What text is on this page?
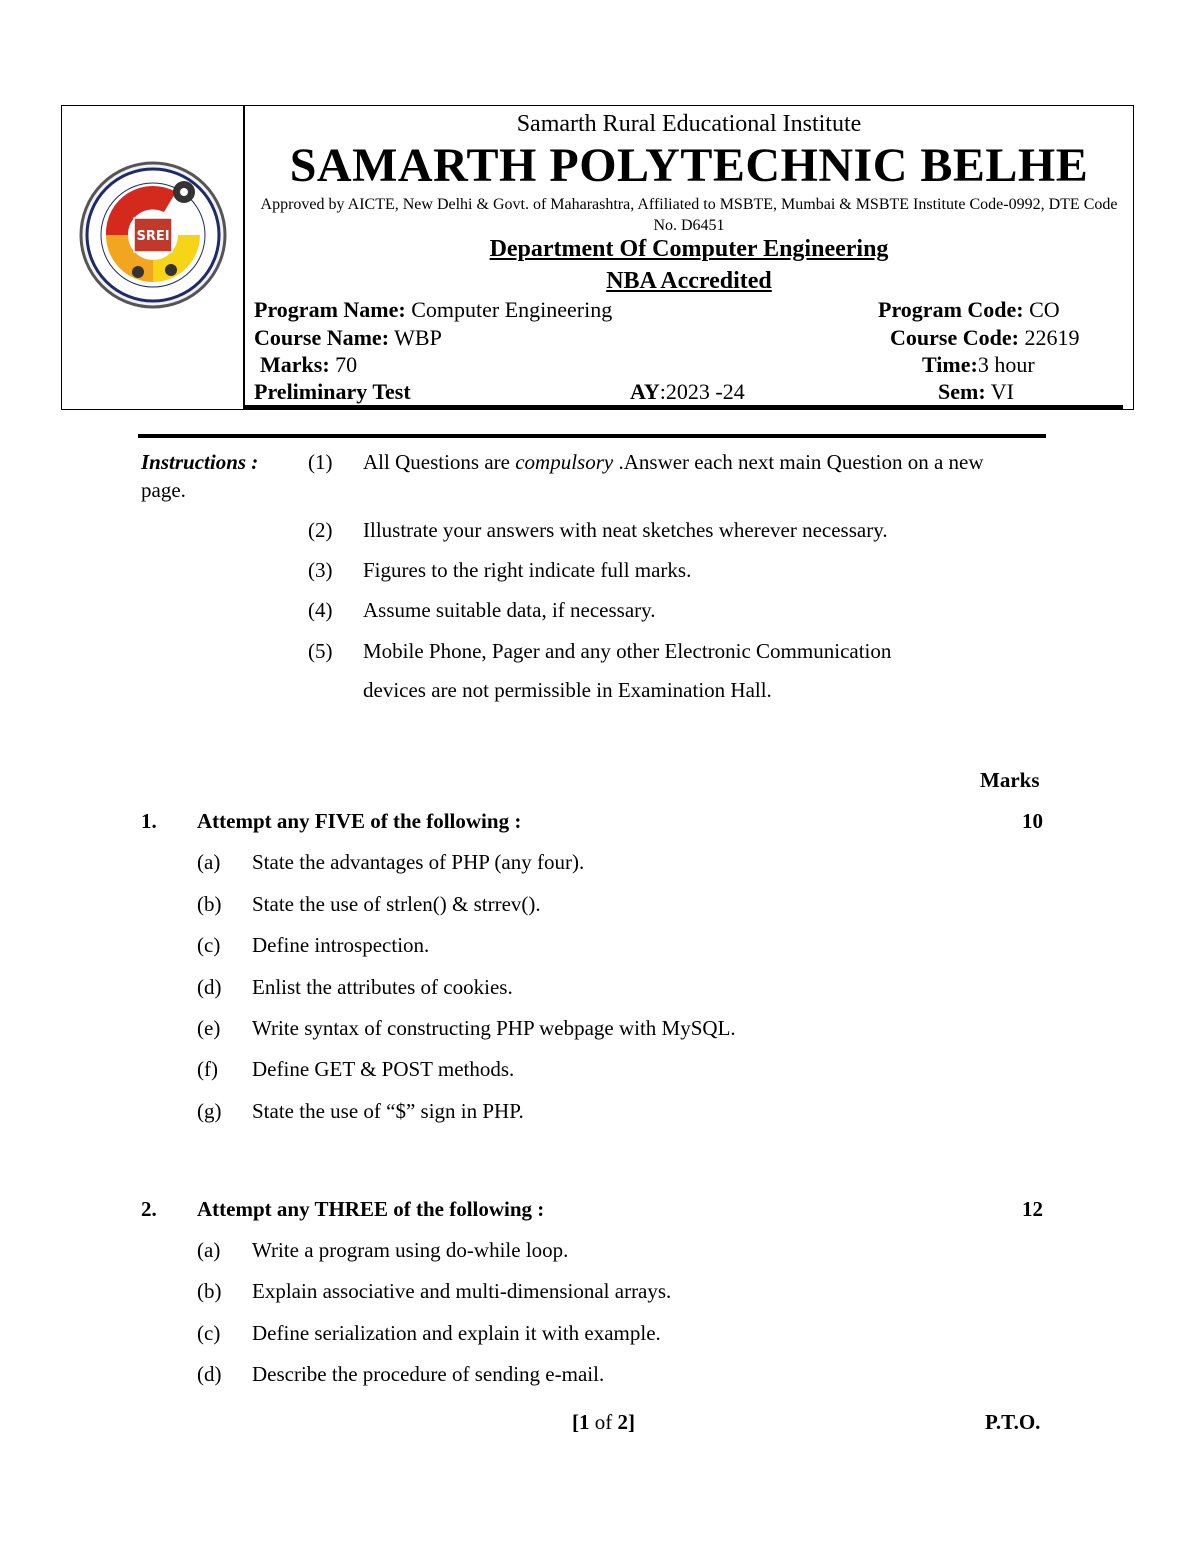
SREI
Samarth Rural Educational Institute
SAMARTH POLYTECHNIC BELHE
Approved by AICTE, New Delhi & Govt. of Maharashtra, Affiliated to MSBTE, Mumbai & MSBTE Institute Code-0992, DTE Code No. D6451
Department Of Computer Engineering
NBA Accredited
Program Name: Computer Engineering	Program Code: CO
Course Name: WBP	Course Code: 22619
Marks: 70	Time:3 hour
Preliminary Test	AY:2023 -24	Sem: VI
Instructions : (1) All Questions are compulsory .Answer each next main Question on a new
page.
(2) Illustrate your answers with neat sketches wherever necessary.
(3) Figures to the right indicate full marks.
(4) Assume suitable data, if necessary.
(5) Mobile Phone, Pager and any other Electronic Communication
devices are not permissible in Examination Hall.
Marks
1. Attempt any FIVE of the following :	10
(a) State the advantages of PHP (any four).
(b) State the use of strlen() & strrev().
(c) Define introspection.
(d) Enlist the attributes of cookies.
(e) Write syntax of constructing PHP webpage with MySQL.
(f) Define GET & POST methods.
(g) State the use of “$” sign in PHP.
2. Attempt any THREE of the following :	12
(a) Write a program using do-while loop.
(b) Explain associative and multi-dimensional arrays.
(c) Define serialization and explain it with example.
(d) Describe the procedure of sending e-mail.
[1 of 2]	P.T.O.
